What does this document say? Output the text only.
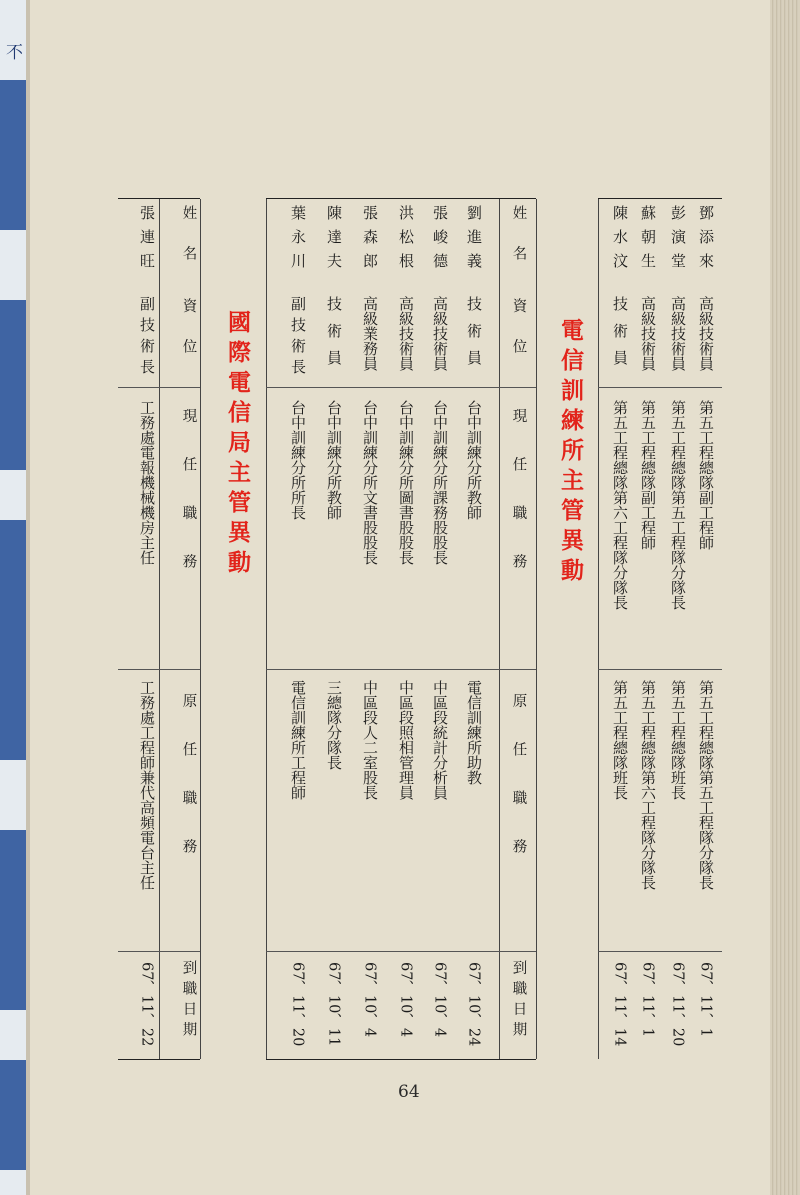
不
姓名
資位
現任職務
原任職務
到職日期
張連旺
副技術長
工務處電報機械機房主任
工務處工程師兼代高頻電台主任
67、11、22
國際電信局主管異動
姓名
資位
現任職務
原任職務
到職日期
葉永川
副技術長
台中訓練分所所長
電信訓練所工程師
67、11、20
陳達夫
技術員
台中訓練分所教師
三總隊分隊長
67、10、11
張森郎
高級業務員
台中訓練分所文書股股長
中區段人二室股長
67、10、4
洪松根
高級技術員
台中訓練分所圖書股股長
中區段照相管理員
67、10、4
張峻德
高級技術員
台中訓練分所課務股股長
中區段統計分析員
67、10、4
劉進義
技術員
台中訓練分所教師
電信訓練所助教
67、10、24
電信訓練所主管異動
陳水汶
技術員
第五工程總隊第六工程隊分隊長
第五工程總隊班長
67、11、14
蘇朝生
高級技術員
第五工程總隊副工程師
第五工程總隊第六工程隊分隊長
67、11、1
彭演堂
高級技術員
第五工程總隊第五工程隊分隊長
第五工程總隊班長
67、11、20
鄧添來
高級技術員
第五工程總隊副工程師
第五工程總隊第五工程隊分隊長
67、11、1
64
